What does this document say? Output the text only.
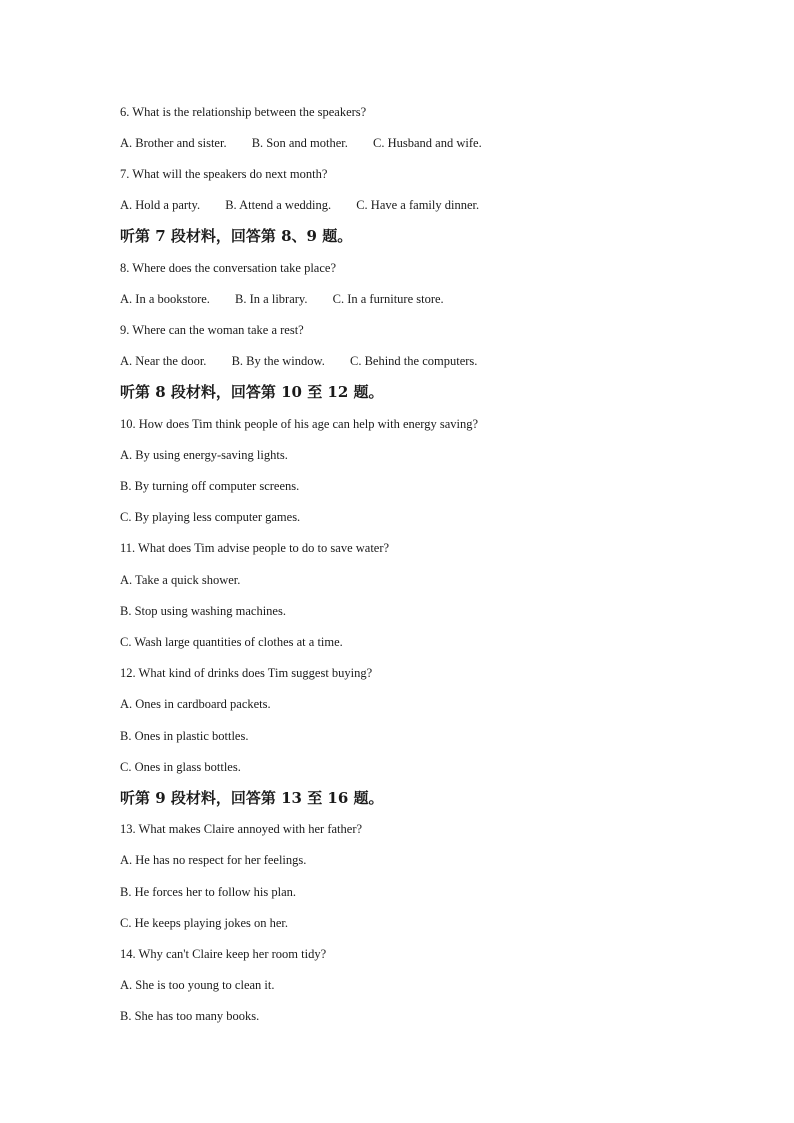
6. What is the relationship between the speakers?
A. Brother and sister. B. Son and mother. C. Husband and wife.
7. What will the speakers do next month?
A. Hold a party. B. Attend a wedding. C. Have a family dinner.
听第 7 段材料，回答第 8、9 题。
8. Where does the conversation take place?
A. In a bookstore. B. In a library. C. In a furniture store.
9. Where can the woman take a rest?
A. Near the door. B. By the window. C. Behind the computers.
听第 8 段材料，回答第 10 至 12 题。
10. How does Tim think people of his age can help with energy saving?
A. By using energy-saving lights.
B. By turning off computer screens.
C. By playing less computer games.
11. What does Tim advise people to do to save water?
A. Take a quick shower.
B. Stop using washing machines.
C. Wash large quantities of clothes at a time.
12. What kind of drinks does Tim suggest buying?
A. Ones in cardboard packets.
B. Ones in plastic bottles.
C. Ones in glass bottles.
听第 9 段材料，回答第 13 至 16 题。
13. What makes Claire annoyed with her father?
A. He has no respect for her feelings.
B. He forces her to follow his plan.
C. He keeps playing jokes on her.
14. Why can't Claire keep her room tidy?
A. She is too young to clean it.
B. She has too many books.
